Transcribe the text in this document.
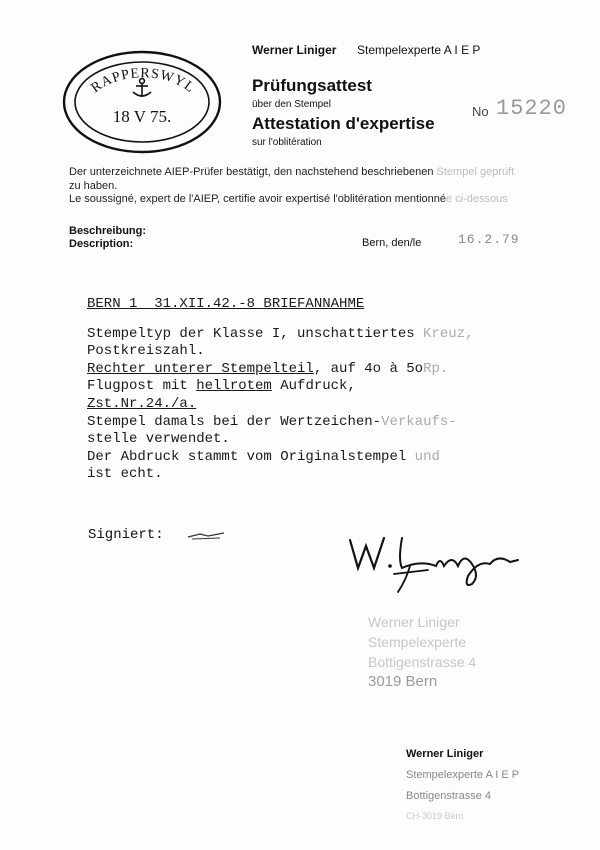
RAPPERSWYL
18 V 75.
Werner Liniger Stempelexperte A I E P
Prüfungsattest
über den Stempel
Attestation d'expertise
sur l'oblitération
No 15220
Der unterzeichnete AIEP-Prüfer bestätigt, den nachstehend beschriebenen Stempel geprüft
zu haben.
Le soussigné, expert de l'AIEP, certifie avoir expertisé l'oblitération mentionnée ci-dessous
Beschreibung:
Description:	Bern, den/le	16.2.79
BERN 1  31.XII.42.-8 BRIEFANNAHME
Stempeltyp der Klasse I, unschattiertes Kreuz,
Postkreiszahl.
Rechter unterer Stempelteil, auf 4o à 5oRp.
Flugpost mit hellrotem Aufdruck,
Zst.Nr.24./a.
Stempel damals bei der Wertzeichen-Verkaufs-
stelle verwendet.
Der Abdruck stammt vom Originalstempel und
ist echt.
Signiert:
Werner Liniger
Stempelexperte
Bottigenstrasse 4
3019 Bern
Werner Liniger
Stempelexperte A I E P
Bottigenstrasse 4
CH-3019 Bern
